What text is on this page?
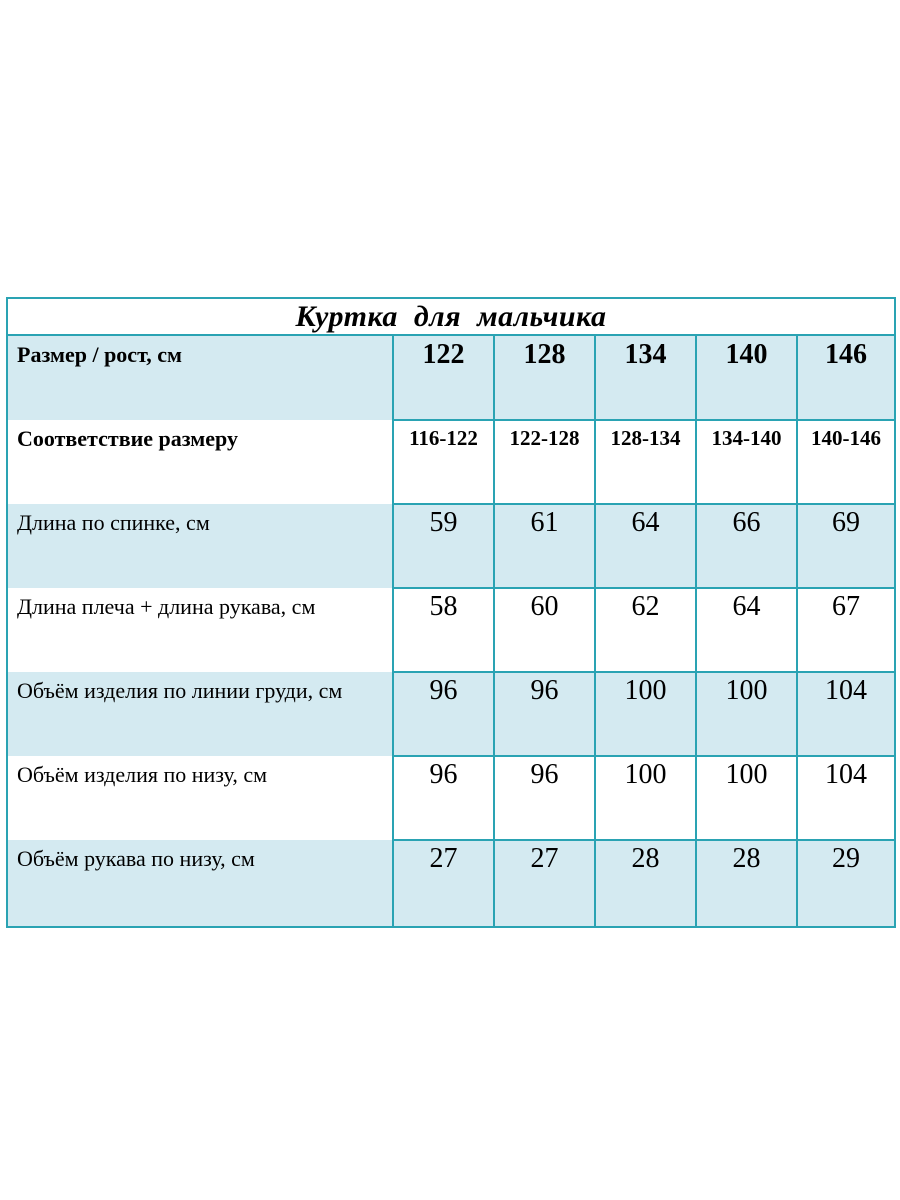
Куртка для мальчика
Размер / рост, см	122	128	134	140	146
Соответствие размеру	116-122	122-128	128-134	134-140	140-146
Длина по спинке, см	59	61	64	66	69
Длина плеча + длина рукава, см	58	60	62	64	67
Объём изделия по линии груди, см	96	96	100	100	104
Объём изделия по низу, см	96	96	100	100	104
Объём рукава по низу, см	27	27	28	28	29
